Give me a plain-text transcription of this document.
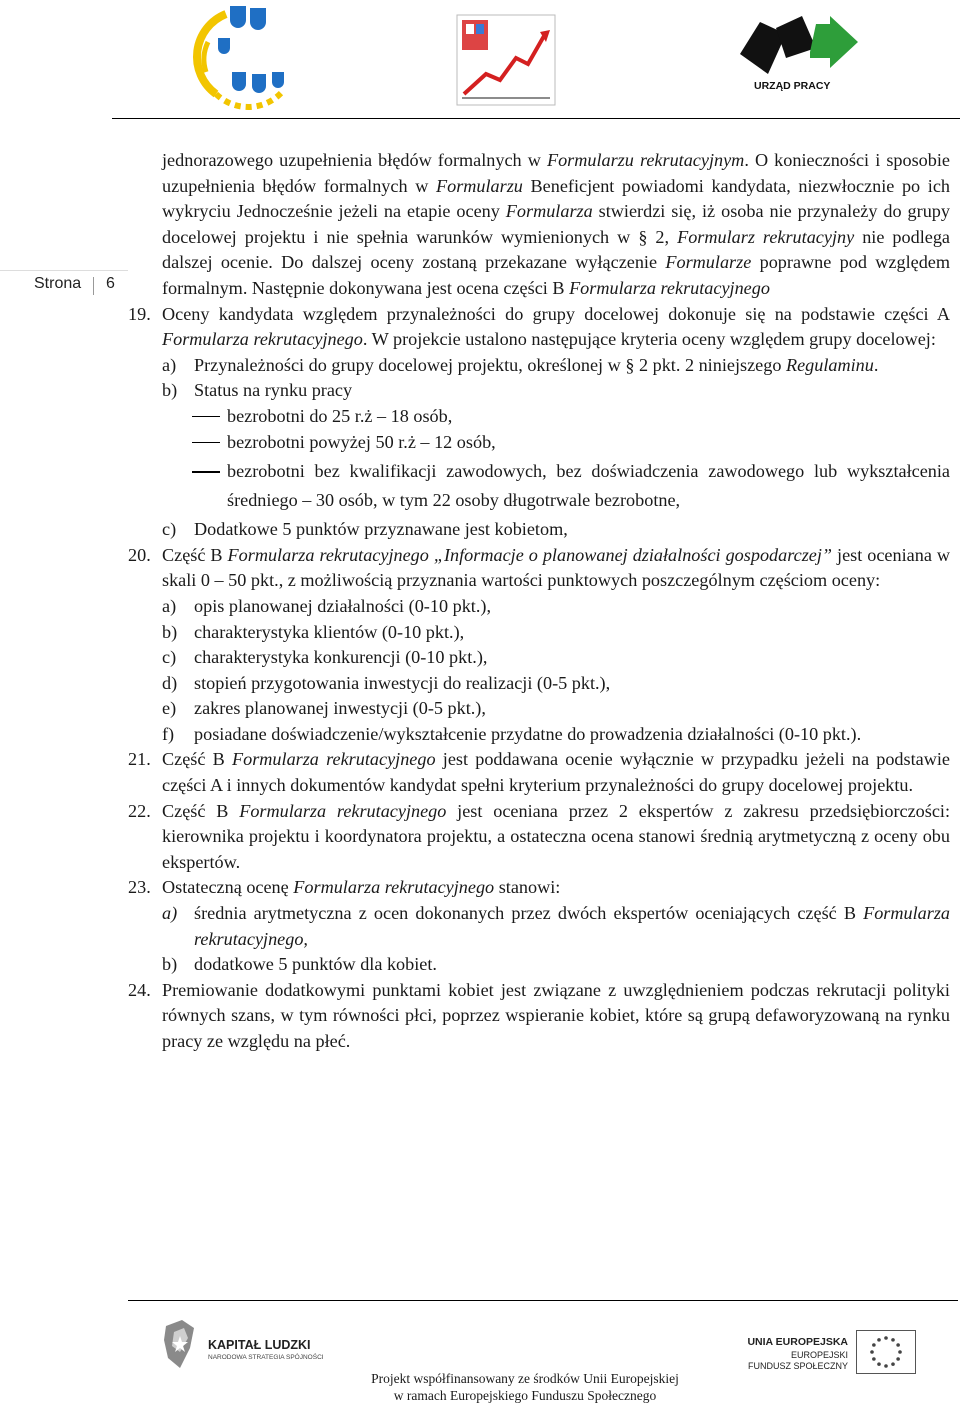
URZĄD PRACY
Strona 6
jednorazowego uzupełnienia błędów formalnych w Formularzu rekrutacyjnym. O konieczności i sposobie uzupełnienia błędów formalnych w Formularzu Beneficjent powiadomi kandydata, niezwłocznie po ich wykryciu Jednocześnie jeżeli na etapie oceny Formularza stwierdzi się, iż osoba nie przynależy do grupy docelowej projektu i nie spełnia warunków wymienionych w § 2, Formularz rekrutacyjny nie podlega dalszej ocenie. Do dalszej oceny zostaną przekazane wyłączenie Formularze poprawne pod względem formalnym. Następnie dokonywana jest ocena części B Formularza rekrutacyjnego
19. Oceny kandydata względem przynależności do grupy docelowej dokonuje się na podstawie części A Formularza rekrutacyjnego. W projekcie ustalono następujące kryteria oceny względem grupy docelowej:
a) Przynależności do grupy docelowej projektu, określonej w § 2 pkt. 2 niniejszego Regulaminu.
b) Status na rynku pracy
bezrobotni do 25 r.ż – 18 osób,
bezrobotni powyżej 50 r.ż – 12 osób,
bezrobotni bez kwalifikacji zawodowych, bez doświadczenia zawodowego lub wykształcenia średniego – 30 osób, w tym 22 osoby długotrwale bezrobotne,
c) Dodatkowe 5 punktów przyznawane jest kobietom,
20. Część B Formularza rekrutacyjnego „Informacje o planowanej działalności gospodarczej” jest oceniana w skali 0 – 50 pkt., z możliwością przyznania wartości punktowych poszczególnym częściom oceny:
a) opis planowanej działalności (0-10 pkt.),
b) charakterystyka klientów (0-10 pkt.),
c) charakterystyka konkurencji (0-10 pkt.),
d) stopień przygotowania inwestycji do realizacji (0-5 pkt.),
e) zakres planowanej inwestycji (0-5 pkt.),
f) posiadane doświadczenie/wykształcenie przydatne do prowadzenia działalności (0-10 pkt.).
21. Część B Formularza rekrutacyjnego jest poddawana ocenie wyłącznie w przypadku jeżeli na podstawie części A i innych dokumentów kandydat spełni kryterium przynależności do grupy docelowej projektu.
22. Część B Formularza rekrutacyjnego jest oceniana przez 2 ekspertów z zakresu przedsiębiorczości: kierownika projektu i koordynatora projektu, a ostateczna ocena stanowi średnią arytmetyczną z oceny obu ekspertów.
23. Ostateczną ocenę Formularza rekrutacyjnego stanowi:
a) średnia arytmetyczna z ocen dokonanych przez dwóch ekspertów oceniających część B Formularza rekrutacyjnego,
b) dodatkowe 5 punktów dla kobiet.
24. Premiowanie dodatkowymi punktami kobiet jest związane z uwzględnieniem podczas rekrutacji polityki równych szans, w tym równości płci, poprzez wspieranie kobiet, które są grupą defaworyzowaną na rynku pracy ze względu na płeć.
KAPITAŁ LUDZKI
NARODOWA STRATEGIA SPÓJNOŚCI
Projekt współfinansowany ze środków Unii Europejskiej
w ramach Europejskiego Funduszu Społecznego
UNIA EUROPEJSKA
EUROPEJSKI
FUNDUSZ SPOŁECZNY
